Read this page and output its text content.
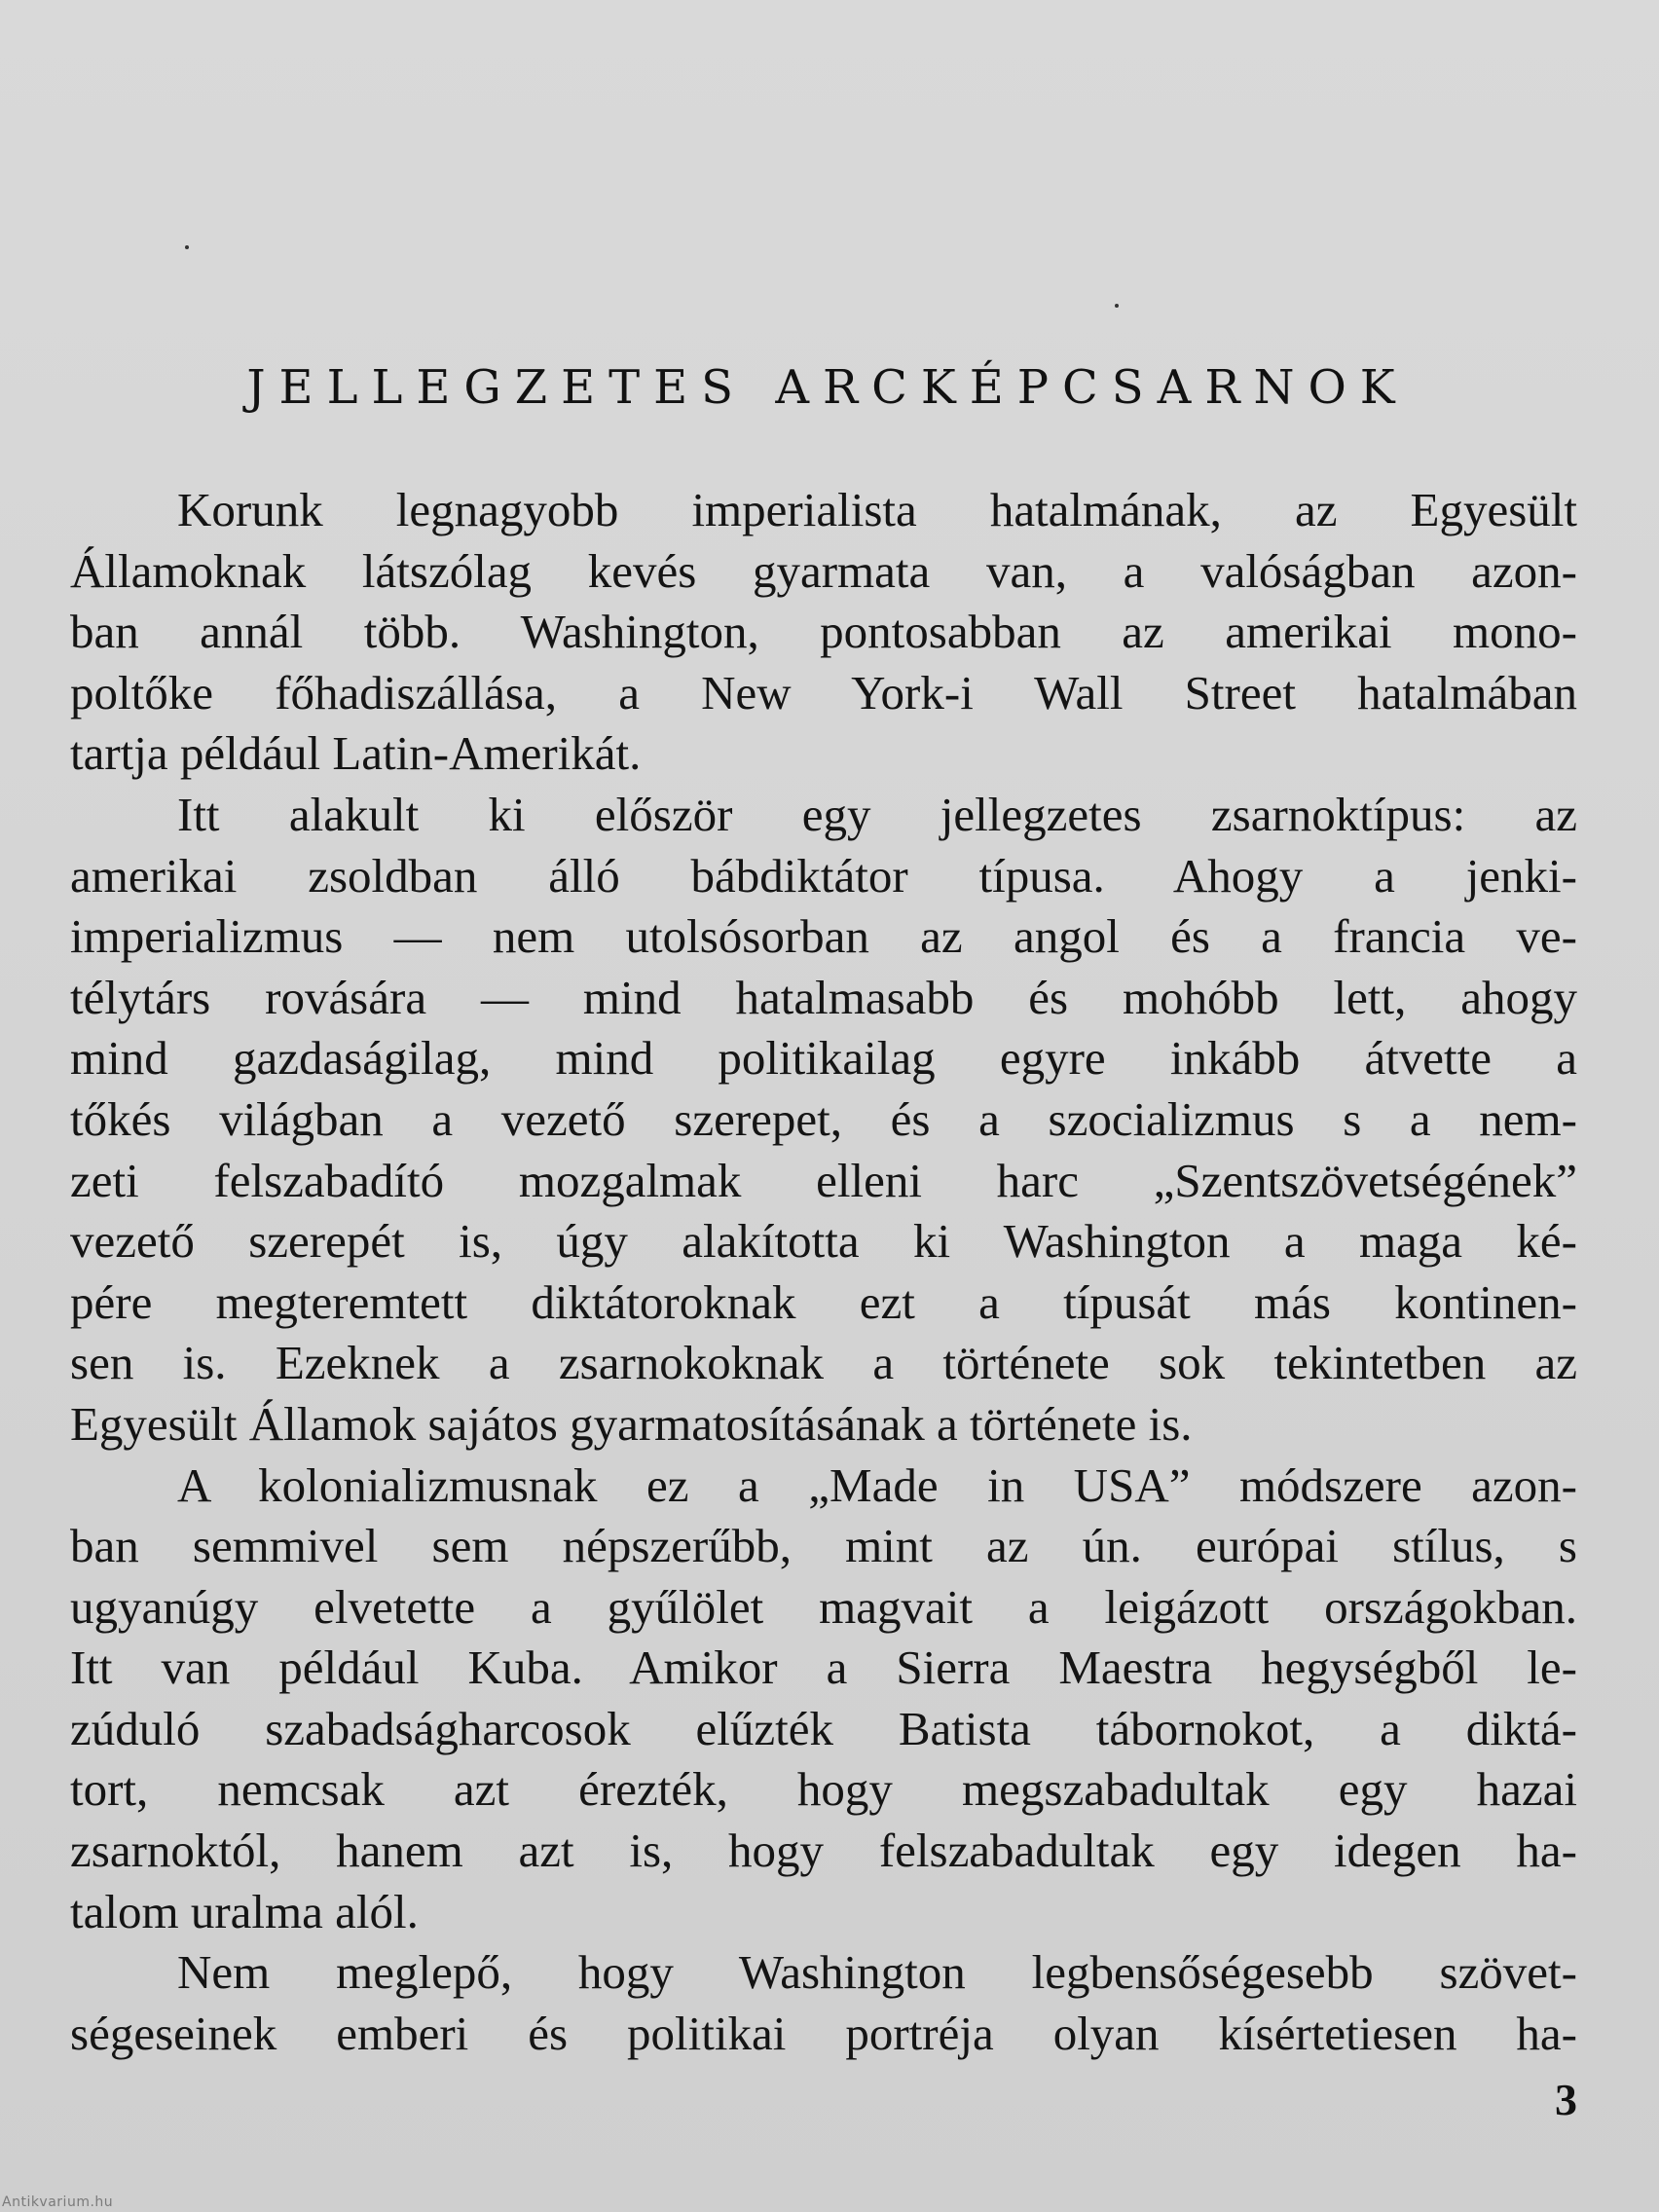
JELLEGZETES ARCKÉPCSARNOK
Korunk legnagyobb imperialista hatalmának, az Egyesült
Államoknak látszólag kevés gyarmata van, a valóságban azon-
ban annál több. Washington, pontosabban az amerikai mono-
poltőke főhadiszállása, a New York-i Wall Street hatalmában
tartja például Latin-Amerikát.
Itt alakult ki először egy jellegzetes zsarnoktípus: az
amerikai zsoldban álló bábdiktátor típusa. Ahogy a jenki-
imperializmus — nem utolsósorban az angol és a francia ve-
télytárs rovására — mind hatalmasabb és mohóbb lett, ahogy
mind gazdaságilag, mind politikailag egyre inkább átvette a
tőkés világban a vezető szerepet, és a szocializmus s a nem-
zeti felszabadító mozgalmak elleni harc „Szentszövetségének”
vezető szerepét is, úgy alakította ki Washington a maga ké-
pére megteremtett diktátoroknak ezt a típusát más kontinen-
sen is. Ezeknek a zsarnokoknak a története sok tekintetben az
Egyesült Államok sajátos gyarmatosításának a története is.
A kolonializmusnak ez a „Made in USA” módszere azon-
ban semmivel sem népszerűbb, mint az ún. európai stílus, s
ugyanúgy elvetette a gyűlölet magvait a leigázott országokban.
Itt van például Kuba. Amikor a Sierra Maestra hegységből le-
zúduló szabadságharcosok elűzték Batista tábornokot, a diktá-
tort, nemcsak azt érezték, hogy megszabadultak egy hazai
zsarnoktól, hanem azt is, hogy felszabadultak egy idegen ha-
talom uralma alól.
Nem meglepő, hogy Washington legbensőségesebb szövet-
ségeseinek emberi és politikai portréja olyan kísértetiesen ha-
3
Antikvarium.hu
